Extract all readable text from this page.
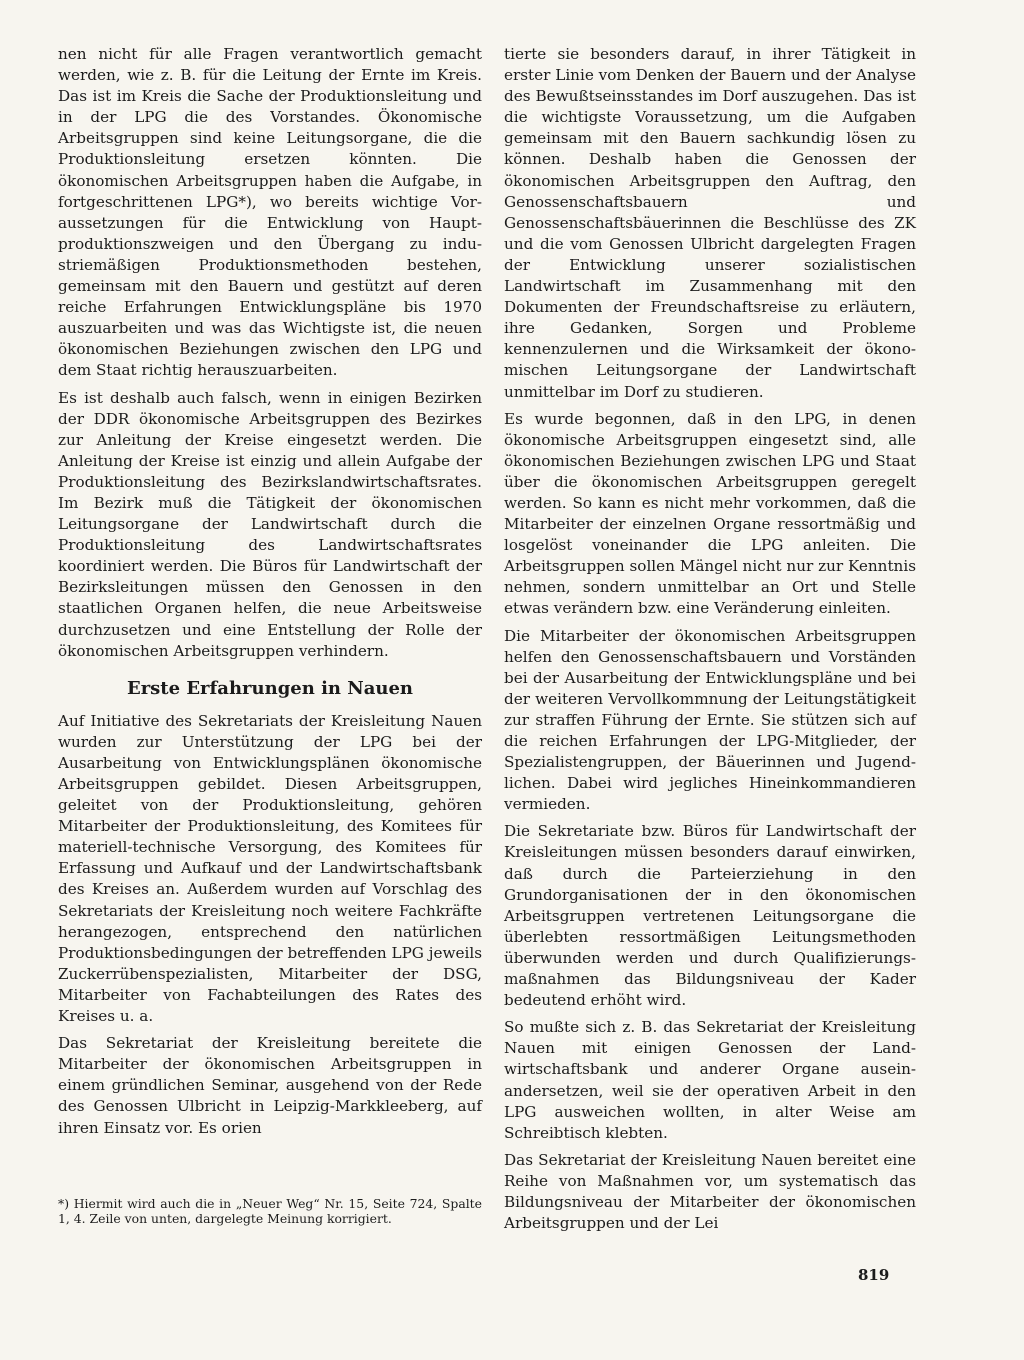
nen nicht für alle Fragen verantwortlich gemacht werden, wie z. B. für die Leitung der Ernte im Kreis. Das ist im Kreis die Sache der Produktionsleitung und in der LPG die des Vorstandes. Ökonomische Arbeitsgruppen sind keine Leitungsorgane, die die Produktionsleitung ersetzen könnten. Die ökonomischen Arbeitsgruppen haben die Aufgabe, in fortgeschrittenen LPG*), wo bereits wichtige Voraussetzungen für die Entwicklung von Hauptproduktionszweigen und den Übergang zu industriemäßigen Produktionsmethoden bestehen, gemeinsam mit den Bauern und gestützt auf deren reiche Erfahrungen Entwicklungspläne bis 1970 auszuarbeiten und was das Wichtigste ist, die neuen ökonomischen Beziehungen zwischen den LPG und dem Staat richtig herauszuarbeiten.

Es ist deshalb auch falsch, wenn in einigen Bezirken der DDR ökonomische Arbeitsgruppen des Bezirkes zur Anleitung der Kreise eingesetzt werden. Die Anleitung der Kreise ist einzig und allein Aufgabe der Produktionsleitung des Bezirkslandwirtschaftsrates. Im Bezirk muß die Tätigkeit der ökonomischen Leitungsorgane der Landwirtschaft durch die Produktionsleitung des Landwirtschaftsrates koordiniert werden. Die Büros für Landwirtschaft der Bezirksleitungen müssen den Genossen in den staatlichen Organen helfen, die neue Arbeitsweise durchzusetzen und eine Entstellung der Rolle der ökonomischen Arbeitsgruppen verhindern.

Erste Erfahrungen in Nauen

Auf Initiative des Sekretariats der Kreisleitung Nauen wurden zur Unterstützung der LPG bei der Ausarbeitung von Entwicklungsplänen ökonomische Arbeitsgruppen gebildet. Diesen Arbeitsgruppen, geleitet von der Produktionsleitung, gehören Mitarbeiter der Produktionsleitung, des Komitees für materiell-technische Versorgung, des Komitees für Erfassung und Aufkauf und der Landwirtschaftsbank des Kreises an. Außerdem wurden auf Vorschlag des Sekretariats der Kreisleitung noch weitere Fachkräfte herangezogen, entsprechend den natürlichen Produktionsbedingungen der betreffenden LPG jeweils Zuckerrübenspezialisten, Mitarbeiter der DSG, Mitarbeiter von Fachabteilungen des Rates des Kreises u. a.

Das Sekretariat der Kreisleitung bereitete die Mitarbeiter der ökonomischen Arbeitsgruppen in einem gründlichen Seminar, ausgehend von der Rede des Genossen Ulbricht in Leipzig-Markkleeberg, auf ihren Einsatz vor. Es orien

*) Hiermit wird auch die in „Neuer Weg“ Nr. 15, Seite 724, Spalte 1, 4. Zeile von unten, dargelegte Meinung korrigiert.

tierte sie besonders darauf, in ihrer Tätigkeit in erster Linie vom Denken der Bauern und der Analyse des Bewußtseinsstandes im Dorf auszugehen. Das ist die wichtigste Voraussetzung, um die Aufgaben gemeinsam mit den Bauern sachkundig lösen zu können. Deshalb haben die Genossen der ökonomischen Arbeitsgruppen den Auftrag, den Genossenschaftsbauern und Genossenschaftsbäuerinnen die Beschlüsse des ZK und die vom Genossen Ulbricht dargelegten Fragen der Entwicklung unserer sozialistischen Landwirtschaft im Zusammenhang mit den Dokumenten der Freundschaftsreise zu erläutern, ihre Gedanken, Sorgen und Probleme kennenzulernen und die Wirksamkeit der ökonomischen Leitungsorgane der Landwirtschaft unmittelbar im Dorf zu studieren.

Es wurde begonnen, daß in den LPG, in denen ökonomische Arbeitsgruppen eingesetzt sind, alle ökonomischen Beziehungen zwischen LPG und Staat über die ökonomischen Arbeitsgruppen geregelt werden. So kann es nicht mehr vorkommen, daß die Mitarbeiter der einzelnen Organe ressortmäßig und losgelöst voneinander die LPG anleiten. Die Arbeitsgruppen sollen Mängel nicht nur zur Kenntnis nehmen, sondern unmittelbar an Ort und Stelle etwas verändern bzw. eine Veränderung einleiten.

Die Mitarbeiter der ökonomischen Arbeitsgruppen helfen den Genossenschaftsbauern und Vorständen bei der Ausarbeitung der Entwicklungspläne und bei der weiteren Vervollkommnung der Leitungstätigkeit zur straffen Führung der Ernte. Sie stützen sich auf die reichen Erfahrungen der LPG-Mitglieder, der Spezialistengruppen, der Bäuerinnen und Jugendlichen. Dabei wird jegliches Hineinkommandieren vermieden.

Die Sekretariate bzw. Büros für Landwirtschaft der Kreisleitungen müssen besonders darauf einwirken, daß durch die Parteierziehung in den Grundorganisationen der in den ökonomischen Arbeitsgruppen vertretenen Leitungsorgane die überlebten ressortmäßigen Leitungsmethoden überwunden werden und durch Qualifizierungsmaßnahmen das Bildungsniveau der Kader bedeutend erhöht wird.

So mußte sich z. B. das Sekretariat der Kreisleitung Nauen mit einigen Genossen der Landwirtschaftsbank und anderer Organe auseinandersetzen, weil sie der operativen Arbeit in den LPG ausweichen wollten, in alter Weise am Schreibtisch klebten.

Das Sekretariat der Kreisleitung Nauen bereitet eine Reihe von Maßnahmen vor, um systematisch das Bildungsniveau der Mitarbeiter der ökonomischen Arbeitsgruppen und der Lei

819
